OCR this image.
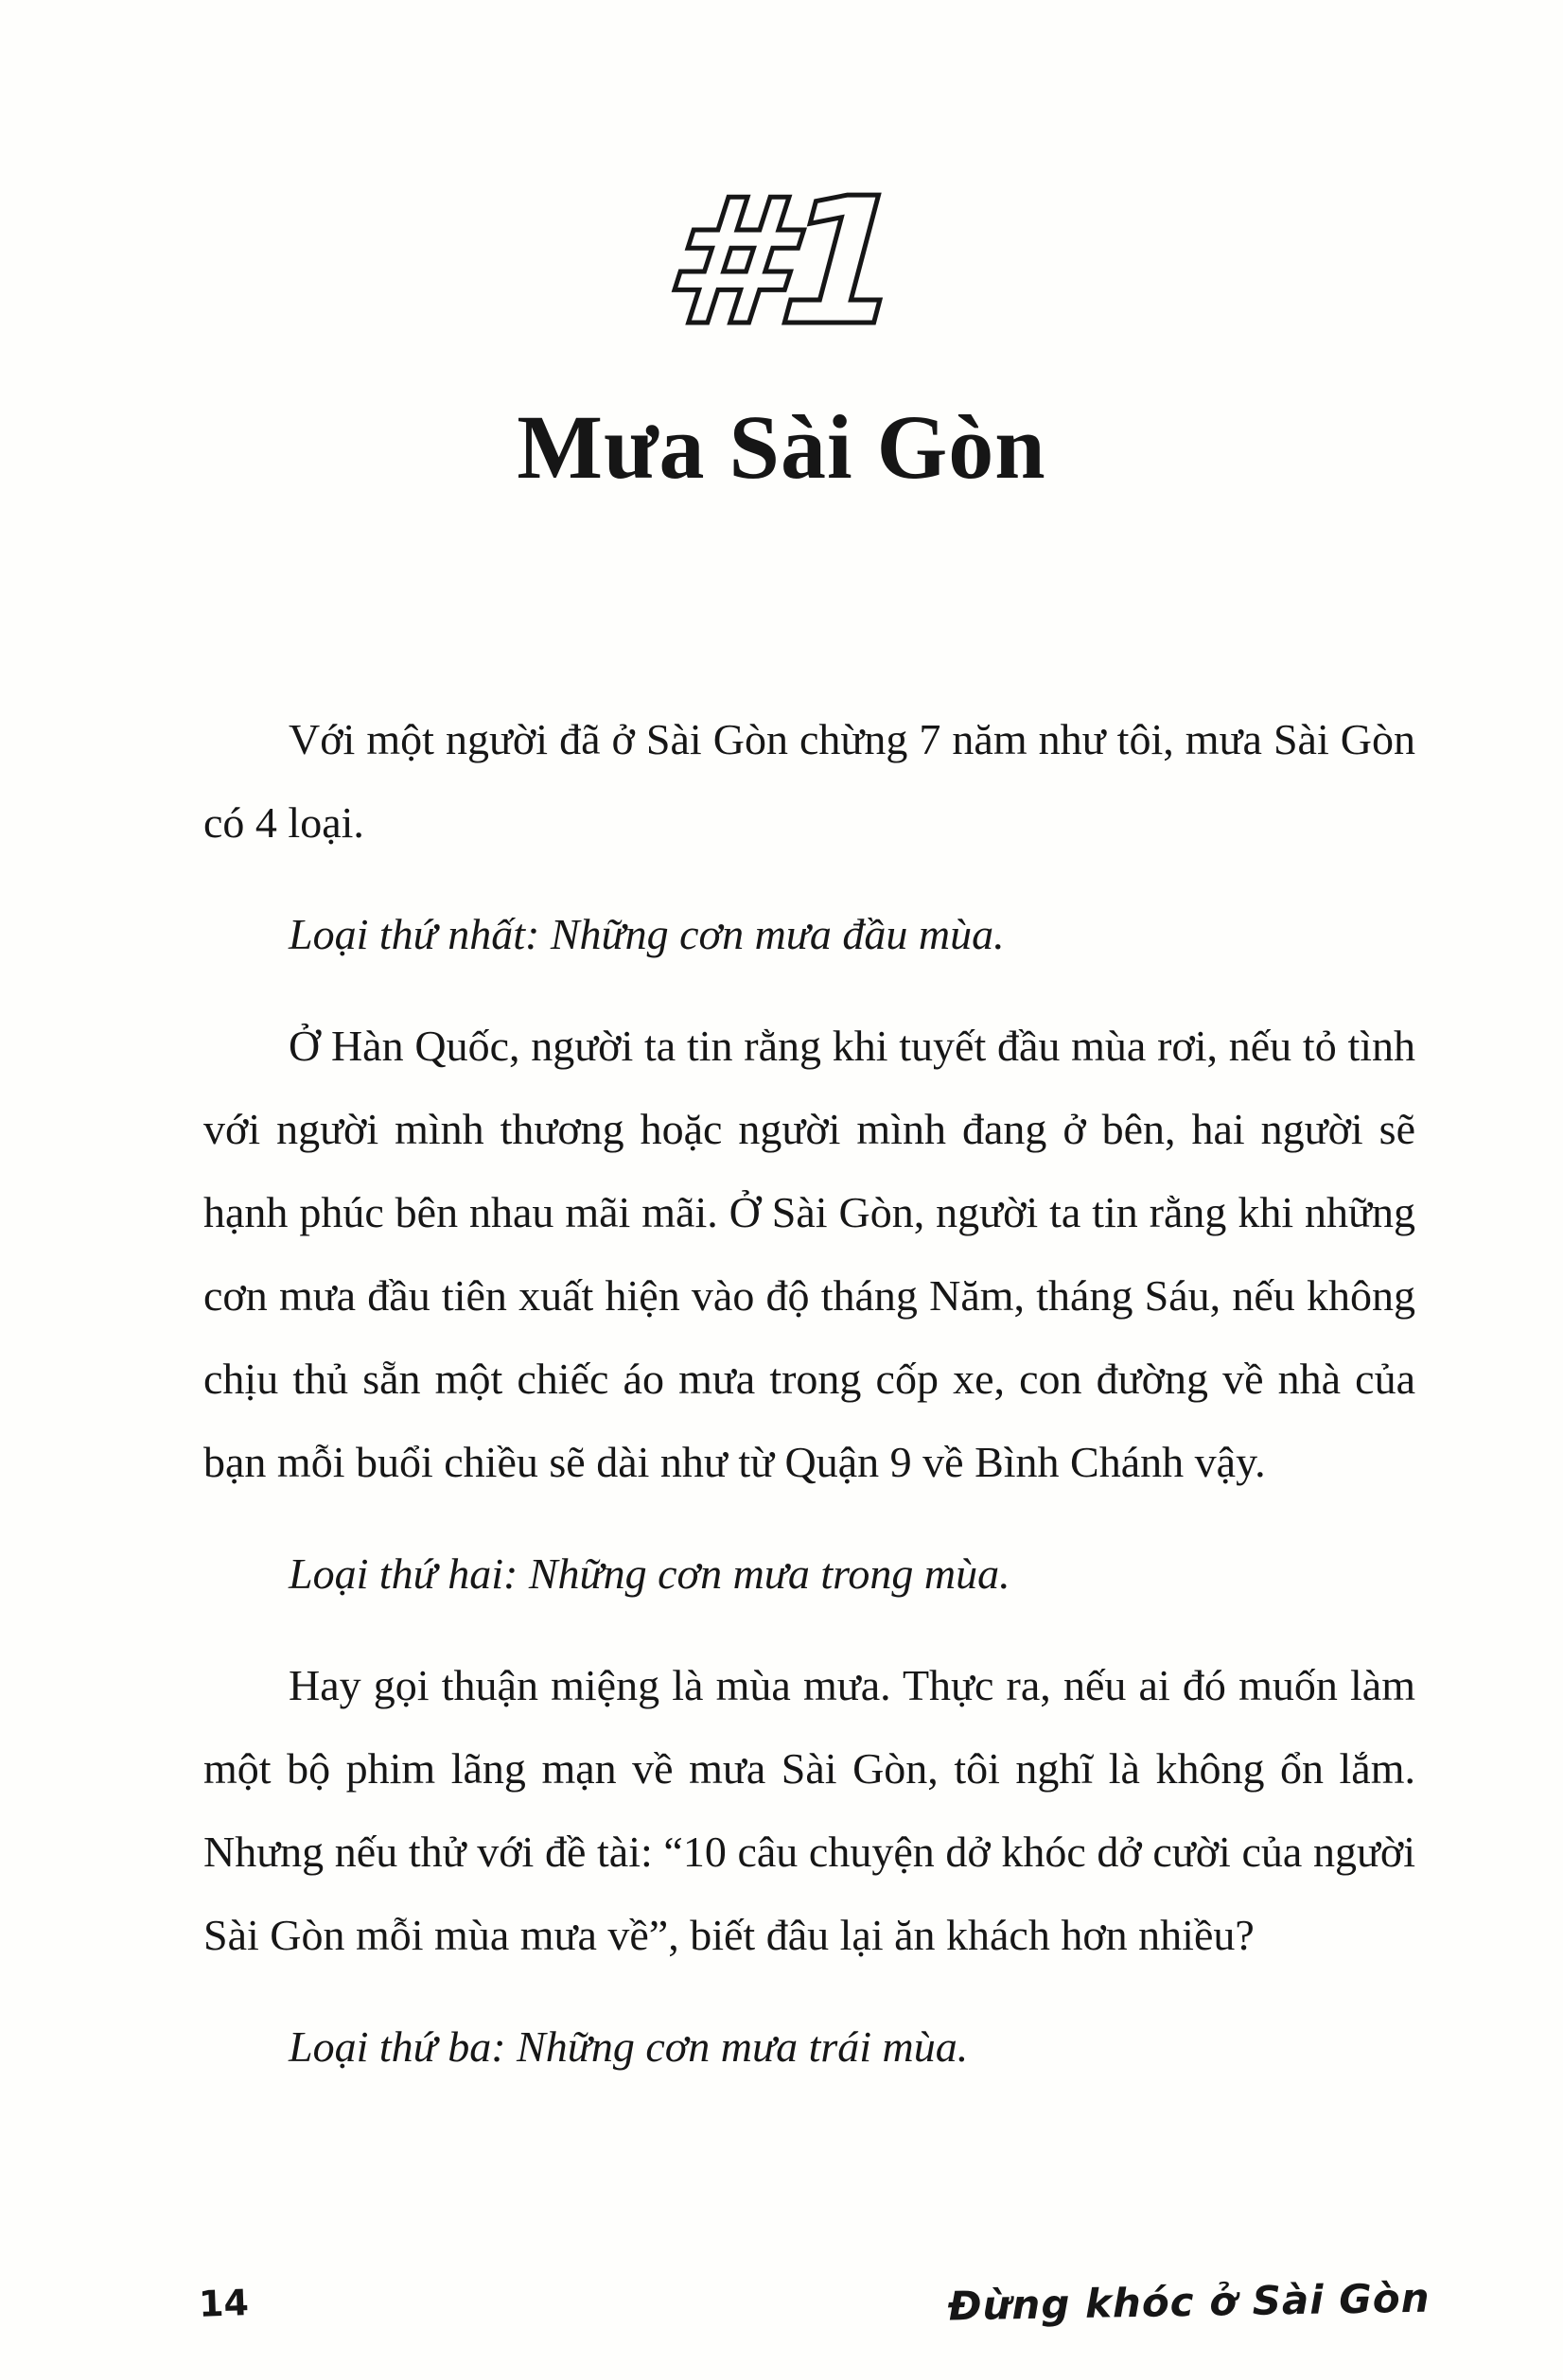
#1
Mưa Sài Gòn

Với một người đã ở Sài Gòn chừng 7 năm như tôi, mưa Sài Gòn có 4 loại.

Loại thứ nhất: Những cơn mưa đầu mùa.

Ở Hàn Quốc, người ta tin rằng khi tuyết đầu mùa rơi, nếu tỏ tình với người mình thương hoặc người mình đang ở bên, hai người sẽ hạnh phúc bên nhau mãi mãi. Ở Sài Gòn, người ta tin rằng khi những cơn mưa đầu tiên xuất hiện vào độ tháng Năm, tháng Sáu, nếu không chịu thủ sẵn một chiếc áo mưa trong cốp xe, con đường về nhà của bạn mỗi buổi chiều sẽ dài như từ Quận 9 về Bình Chánh vậy.

Loại thứ hai: Những cơn mưa trong mùa.

Hay gọi thuận miệng là mùa mưa. Thực ra, nếu ai đó muốn làm một bộ phim lãng mạn về mưa Sài Gòn, tôi nghĩ là không ổn lắm. Nhưng nếu thử với đề tài: “10 câu chuyện dở khóc dở cười của người Sài Gòn mỗi mùa mưa về”, biết đâu lại ăn khách hơn nhiều?

Loại thứ ba: Những cơn mưa trái mùa.

14	Đừng khóc ở Sài Gòn
